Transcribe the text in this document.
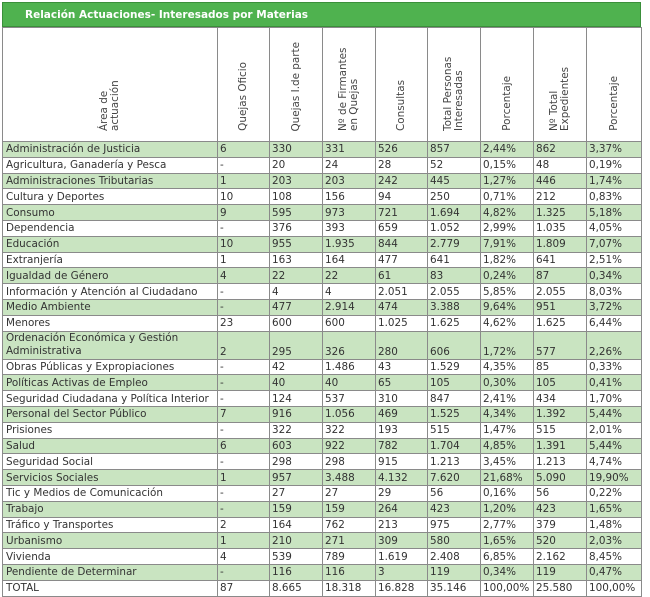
Relación Actuaciones- Interesados por Materias
Área de actuación	Quejas Oficio	Quejas I.de parte	Nº de Firmantes en Quejas	Consultas	Total Personas Interesadas	Porcentaje	Nº Total Expedientes	Porcentaje
Administración de Justicia	6	330	331	526	857	2,44%	862	3,37%
Agricultura, Ganadería y Pesca	-	20	24	28	52	0,15%	48	0,19%
Administraciones Tributarias	1	203	203	242	445	1,27%	446	1,74%
Cultura y Deportes	10	108	156	94	250	0,71%	212	0,83%
Consumo	9	595	973	721	1.694	4,82%	1.325	5,18%
Dependencia	-	376	393	659	1.052	2,99%	1.035	4,05%
Educación	10	955	1.935	844	2.779	7,91%	1.809	7,07%
Extranjería	1	163	164	477	641	1,82%	641	2,51%
Igualdad de Género	4	22	22	61	83	0,24%	87	0,34%
Información y Atención al Ciudadano	-	4	4	2.051	2.055	5,85%	2.055	8,03%
Medio Ambiente	-	477	2.914	474	3.388	9,64%	951	3,72%
Menores	23	600	600	1.025	1.625	4,62%	1.625	6,44%
Ordenación Económica y Gestión Administrativa	2	295	326	280	606	1,72%	577	2,26%
Obras Públicas y Expropiaciones	-	42	1.486	43	1.529	4,35%	85	0,33%
Políticas Activas de Empleo	-	40	40	65	105	0,30%	105	0,41%
Seguridad Ciudadana y Política Interior	-	124	537	310	847	2,41%	434	1,70%
Personal del Sector Público	7	916	1.056	469	1.525	4,34%	1.392	5,44%
Prisiones	-	322	322	193	515	1,47%	515	2,01%
Salud	6	603	922	782	1.704	4,85%	1.391	5,44%
Seguridad Social	-	298	298	915	1.213	3,45%	1.213	4,74%
Servicios Sociales	1	957	3.488	4.132	7.620	21,68%	5.090	19,90%
Tic y Medios de Comunicación	-	27	27	29	56	0,16%	56	0,22%
Trabajo	-	159	159	264	423	1,20%	423	1,65%
Tráfico y Transportes	2	164	762	213	975	2,77%	379	1,48%
Urbanismo	1	210	271	309	580	1,65%	520	2,03%
Vivienda	4	539	789	1.619	2.408	6,85%	2.162	8,45%
Pendiente de Determinar	-	116	116	3	119	0,34%	119	0,47%
TOTAL	87	8.665	18.318	16.828	35.146	100,00%	25.580	100,00%
